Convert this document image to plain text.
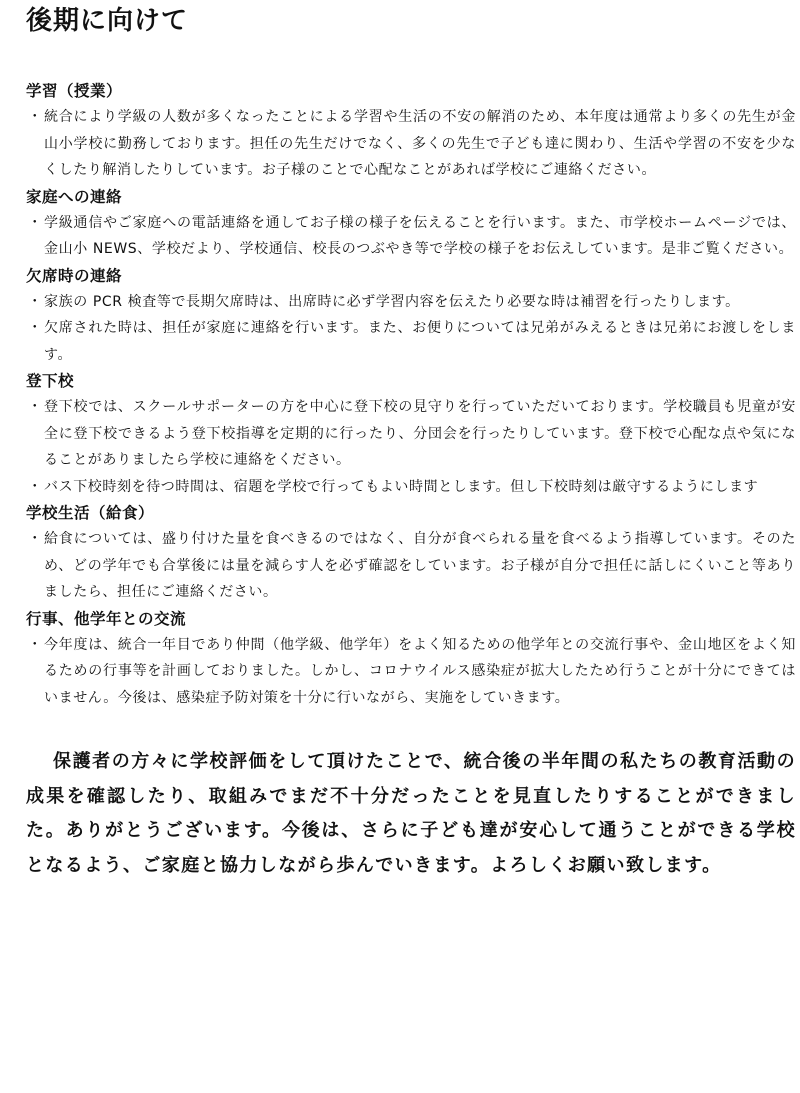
後期に向けて
学習（授業）

・ 統合により学級の人数が多くなったことによる学習や生活の不安の解消のため、本年度は通常より多くの先生が金山小学校に勤務しております。担任の先生だけでなく、多くの先生で子ども達に関わり、生活や学習の不安を少なくしたり解消したりしています。お子様のことで心配なことがあれば学校にご連絡ください。

家庭への連絡

・ 学級通信やご家庭への電話連絡を通してお子様の様子を伝えることを行います。また、市学校ホームページでは、金山小 NEWS、学校だより、学校通信、校長のつぶやき等で学校の様子をお伝えしています。是非ご覧ください。

欠席時の連絡

・ 家族の PCR 検査等で長期欠席時は、出席時に必ず学習内容を伝えたり必要な時は補習を行ったりします。

・ 欠席された時は、担任が家庭に連絡を行います。また、お便りについては兄弟がみえるときは兄弟にお渡しをします。

登下校

・ 登下校では、スクールサポーターの方を中心に登下校の見守りを行っていただいております。学校職員も児童が安全に登下校できるよう登下校指導を定期的に行ったり、分団会を行ったりしています。登下校で心配な点や気になることがありましたら学校に連絡をください。

・ バス下校時刻を待つ時間は、宿題を学校で行ってもよい時間とします。但し下校時刻は厳守するようにします

学校生活（給食）

・ 給食については、盛り付けた量を食べきるのではなく、自分が食べられる量を食べるよう指導しています。そのため、どの学年でも合掌後には量を減らす人を必ず確認をしています。お子様が自分で担任に話しにくいこと等ありましたら、担任にご連絡ください。

行事、他学年との交流

・ 今年度は、統合一年目であり仲間（他学級、他学年）をよく知るための他学年との交流行事や、金山地区をよく知るための行事等を計画しておりました。しかし、コロナウイルス感染症が拡大したため行うことが十分にできてはいません。今後は、感染症予防対策を十分に行いながら、実施をしていきます。

保護者の方々に学校評価をして頂けたことで、統合後の半年間の私たちの教育活動の成果を確認したり、取組みでまだ不十分だったことを見直したりすることができました。ありがとうございます。今後は、さらに子ども達が安心して通うことができる学校となるよう、ご家庭と協力しながら歩んでいきます。よろしくお願い致します。
